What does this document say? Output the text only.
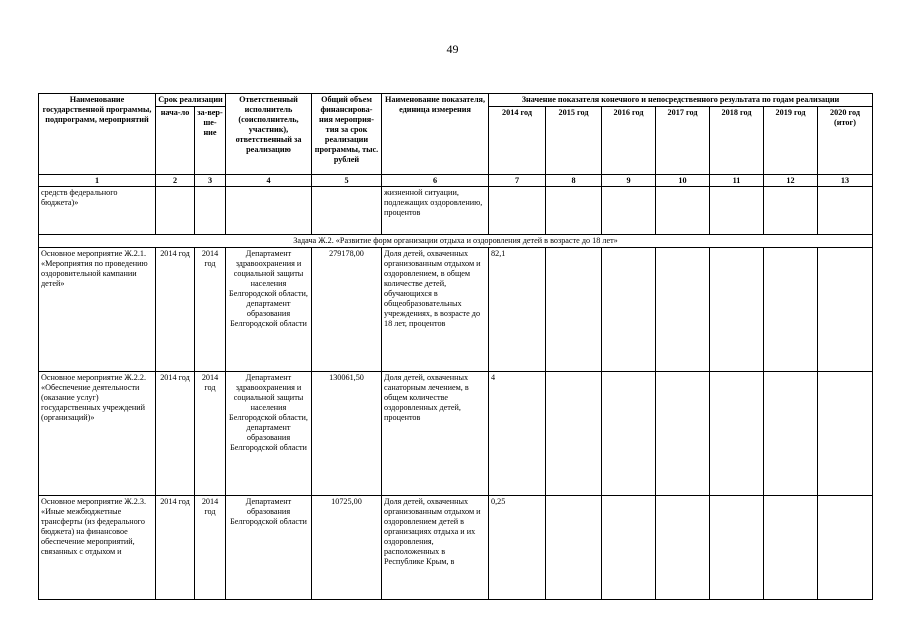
49
Наименование государственной программы, подпрограмм, мероприятий	Срок реализации		Ответственный исполнитель (соисполнитель, участник), ответственный за реализацию	Общий объем финансирова-ния мероприя-тия за срок реализации программы, тыс. рублей	Наименование показателя, единица измерения	Значение показателя конечного и непосредственного результата по годам реализации						
	нача-ло	за-вер-ше-ние				2014 год	2015 год	2016 год	2017 год	2018 год	2019 год	2020 год (итог)
1	2	3	4	5	6	7	8	9	10	11	12	13
средств федерального бюджета)»					жизненной ситуации, подлежащих оздоровлению, процентов							
Задача Ж.2. «Развитие форм организации отдыха и оздоровления детей в возрасте до 18 лет»												
Основное мероприятие Ж.2.1. «Мероприятия по проведению оздоровительной кампании детей»	2014 год	2014 год	Департамент здравоохранения и социальной защиты населения Белгородской области, департамент образования Белгородской области	279178,00	Доля детей, охваченных организованным отдыхом и оздоровлением, в общем количестве детей, обучающихся в общеобразовательных учреждениях, в возрасте до 18 лет, процентов	82,1						
Основное мероприятие Ж.2.2. «Обеспечение деятельности (оказание услуг) государственных учреждений (организаций)»	2014 год	2014 год	Департамент здравоохранения и социальной защиты населения Белгородской области, департамент образования Белгородской области	130061,50	Доля детей, охваченных санаторным лечением, в общем количестве оздоровленных детей, процентов	4						
Основное мероприятие Ж.2.3. «Иные межбюджетные трансферты (из федерального бюджета) на финансовое обеспечение мероприятий, связанных с отдыхом и	2014 год	2014 год	Департамент образования Белгородской области	10725,00	Доля детей, охваченных организованным отдыхом и оздоровлением детей в организациях отдыха и их оздоровления, расположенных в Республике Крым, в	0,25						
